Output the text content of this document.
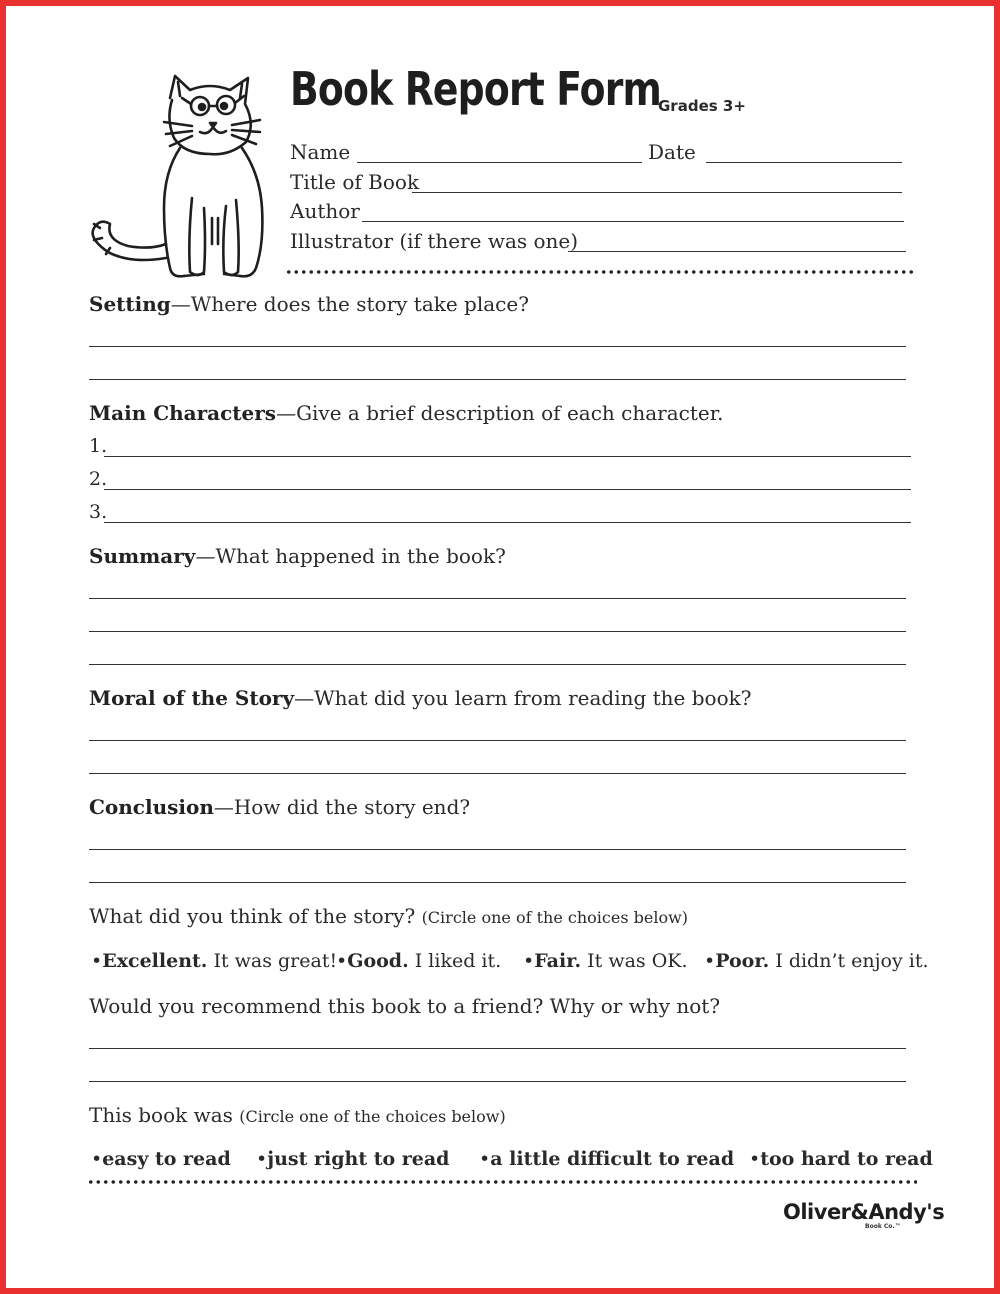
Book Report Form
Grades 3+
Name	Date
Title of Book
Author
Illustrator (if there was one)
Setting—Where does the story take place?
Main Characters—Give a brief description of each character.
1.
2.
3.
Summary—What happened in the book?
Moral of the Story—What did you learn from reading the book?
Conclusion—How did the story end?
What did you think of the story? (Circle one of the choices below)
•Excellent. It was great!
•Good. I liked it. •Fair. It was OK. •Poor. I didn’t enjoy it.
Would you recommend this book to a friend? Why or why not?
This book was (Circle one of the choices below)
•easy to read •just right to read •a little difficult to read •too hard to read
Oliver&Andy's
Book Co.™
